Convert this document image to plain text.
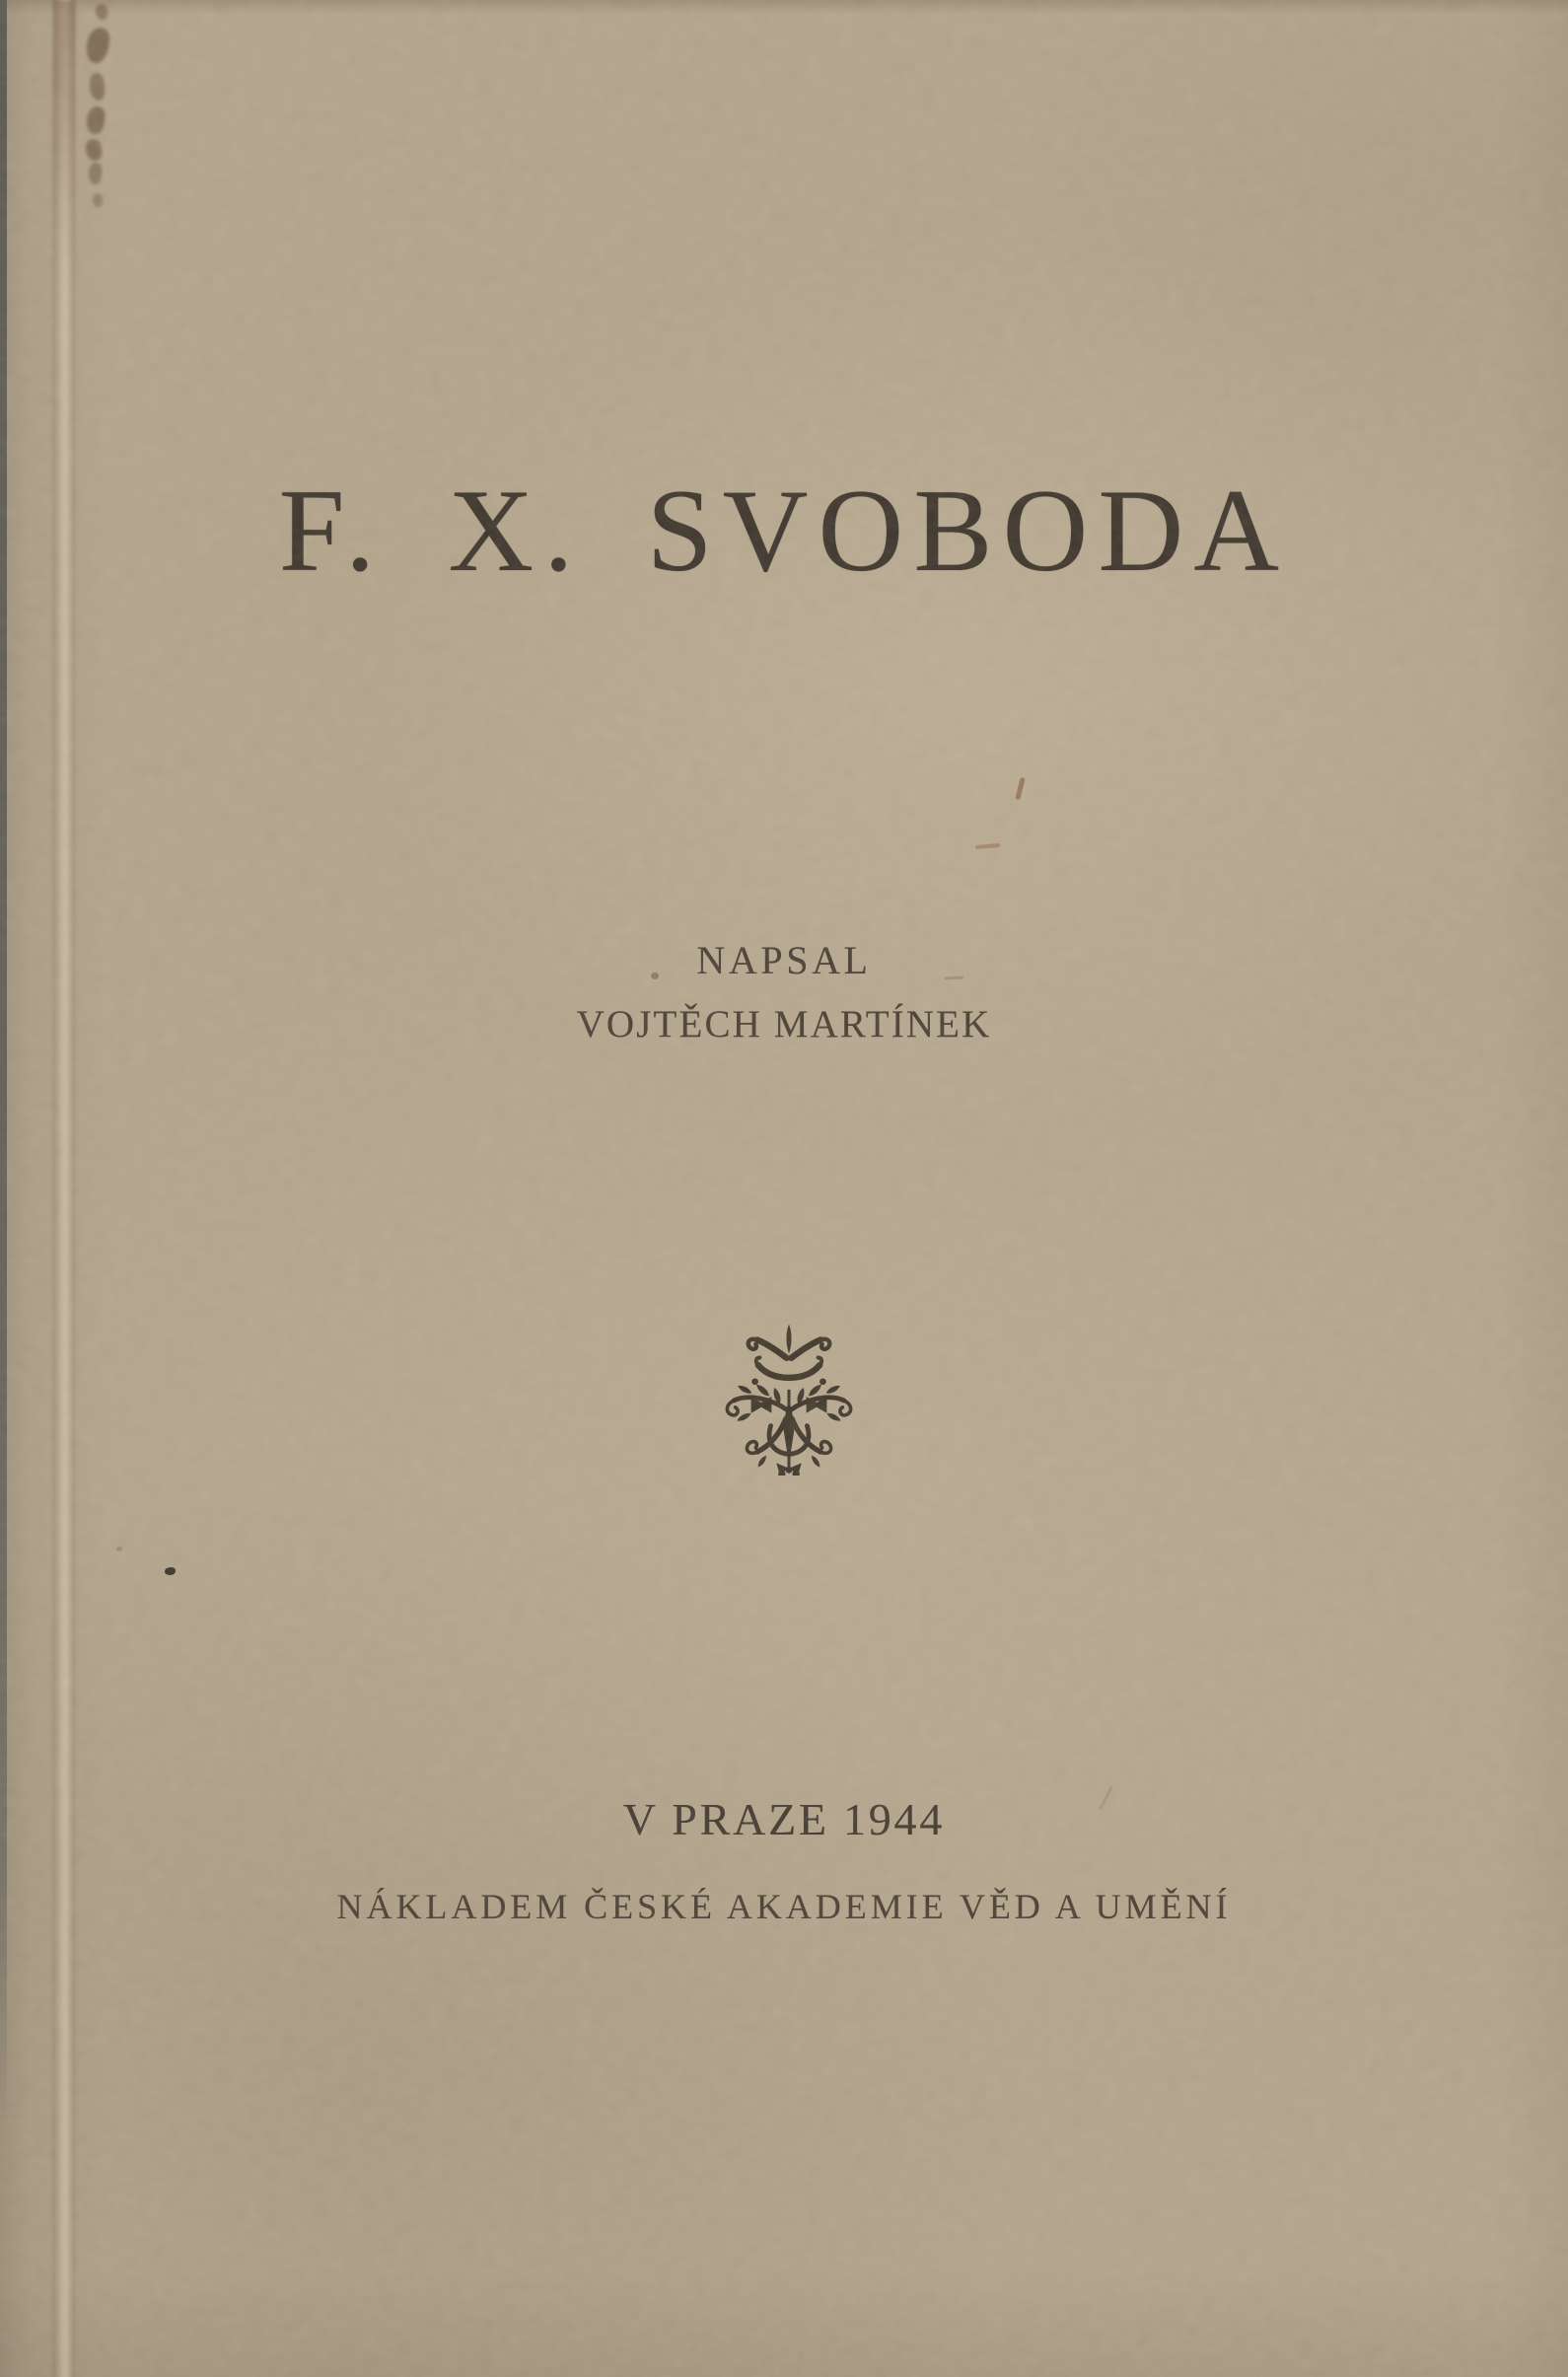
F. X. SVOBODA
NAPSAL
VOJTĚCH MARTÍNEK
V PRAZE 1944
NÁKLADEM ČESKÉ AKADEMIE VĚD A UMĚNÍ
